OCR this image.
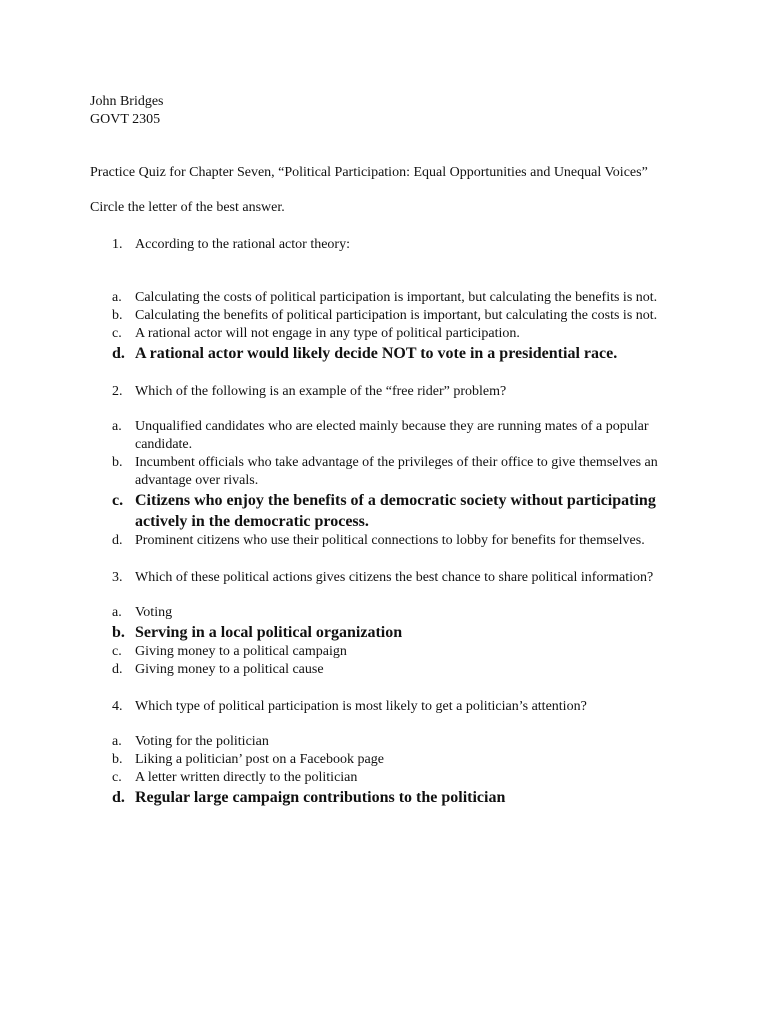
John Bridges
GOVT 2305
Practice Quiz for Chapter Seven, “Political Participation: Equal Opportunities and Unequal Voices”
Circle the letter of the best answer.
1. According to the rational actor theory:
a. Calculating the costs of political participation is important, but calculating the benefits is not.
b. Calculating the benefits of political participation is important, but calculating the costs is not.
c. A rational actor will not engage in any type of political participation.
d. A rational actor would likely decide NOT to vote in a presidential race.
2. Which of the following is an example of the “free rider” problem?
a. Unqualified candidates who are elected mainly because they are running mates of a popular candidate.
b. Incumbent officials who take advantage of the privileges of their office to give themselves an advantage over rivals.
c. Citizens who enjoy the benefits of a democratic society without participating actively in the democratic process.
d. Prominent citizens who use their political connections to lobby for benefits for themselves.
3. Which of these political actions gives citizens the best chance to share political information?
a. Voting
b. Serving in a local political organization
c. Giving money to a political campaign
d. Giving money to a political cause
4. Which type of political participation is most likely to get a politician’s attention?
a. Voting for the politician
b. Liking a politician’ post on a Facebook page
c. A letter written directly to the politician
d. Regular large campaign contributions to the politician
